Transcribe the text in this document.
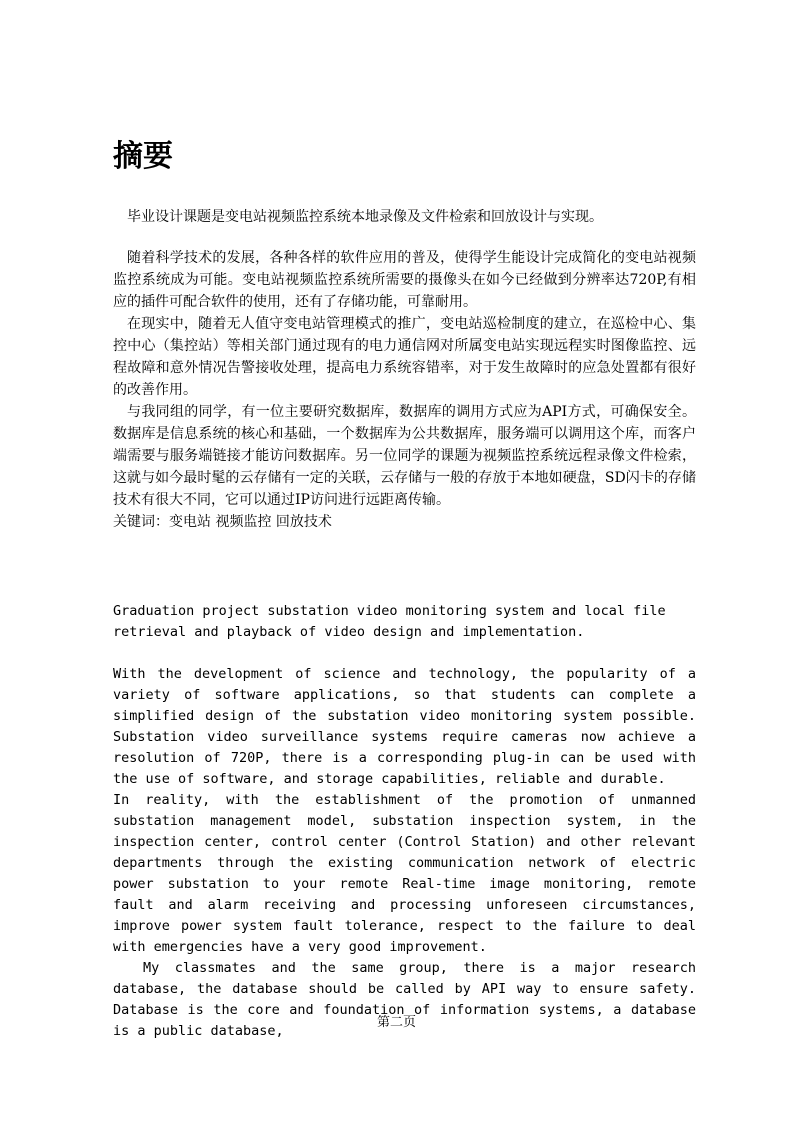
摘要

毕业设计课题是变电站视频监控系统本地录像及文件检索和回放设计与实现。

随着科学技术的发展，各种各样的软件应用的普及，使得学生能设计完成简化的变电站视频监控系统成为可能。变电站视频监控系统所需要的摄像头在如今已经做到分辨率达720P,有相应的插件可配合软件的使用，还有了存储功能，可靠耐用。

在现实中，随着无人值守变电站管理模式的推广，变电站巡检制度的建立，在巡检中心、集控中心（集控站）等相关部门通过现有的电力通信网对所属变电站实现远程实时图像监控、远程故障和意外情况告警接收处理，提高电力系统容错率，对于发生故障时的应急处置都有很好的改善作用。

与我同组的同学，有一位主要研究数据库，数据库的调用方式应为API方式，可确保安全。数据库是信息系统的核心和基础，一个数据库为公共数据库，服务端可以调用这个库，而客户端需要与服务端链接才能访问数据库。另一位同学的课题为视频监控系统远程录像文件检索，这就与如今最时髦的云存储有一定的关联，云存储与一般的存放于本地如硬盘，SD闪卡的存储技术有很大不同，它可以通过IP访问进行远距离传输。

关键词：变电站 视频监控 回放技术

Graduation project substation video monitoring system and local file retrieval and playback of video design and implementation.

With the development of science and technology, the popularity of a variety of software applications, so that students can complete a simplified design of the substation video monitoring system possible. Substation video surveillance systems require cameras now achieve a resolution of 720P, there is a corresponding plug-in can be used with the use of software, and storage capabilities, reliable and durable.

In reality, with the establishment of the promotion of unmanned substation management model, substation inspection system, in the inspection center, control center (Control Station) and other relevant departments through the existing communication network of electric power substation to your remote Real-time image monitoring, remote fault and alarm receiving and processing unforeseen circumstances, improve power system fault tolerance, respect to the failure to deal with emergencies have a very good improvement.

My classmates and the same group, there is a major research database, the database should be called by API way to ensure safety. Database is the core and foundation of information systems, a database is a public database,

第二页
